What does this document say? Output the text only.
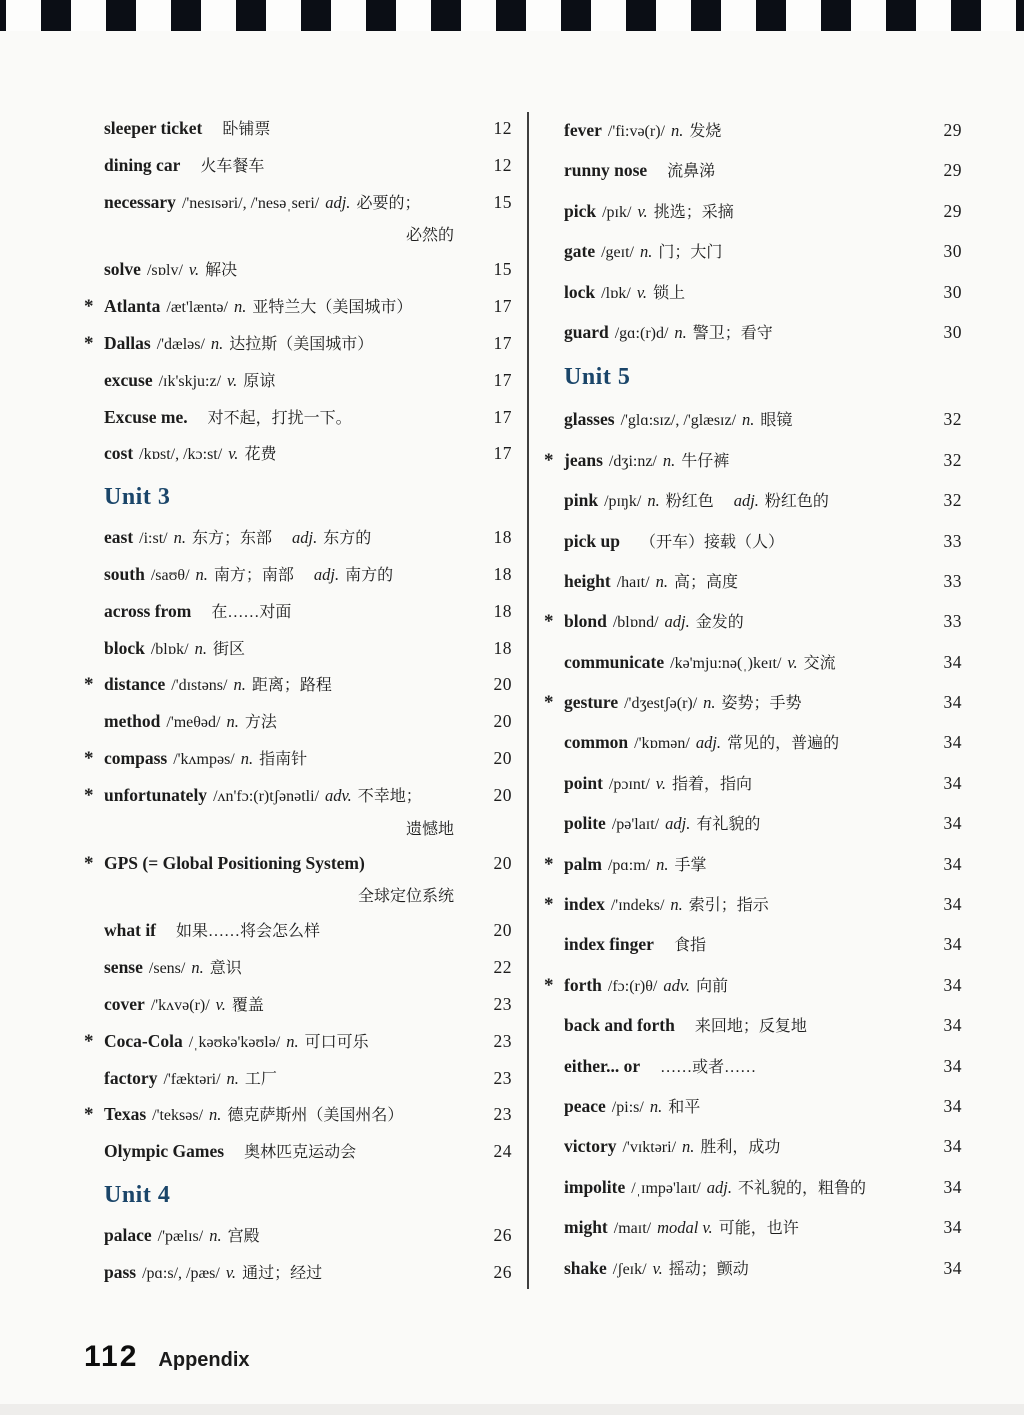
sleeper ticket 卧铺票	12
dining car 火车餐车	12
necessary /'nesɪsəri/, /'nesəˌseri/ adj. 必要的；	15
必然的
solve /sɒlv/ v. 解决	15
* Atlanta /æt'læntə/ n. 亚特兰大（美国城市）	17
* Dallas /'dæləs/ n. 达拉斯（美国城市）	17
excuse /ɪk'skju:z/ v. 原谅	17
Excuse me. 对不起，打扰一下。	17
cost /kɒst/, /kɔ:st/ v. 花费	17
Unit 3
east /i:st/ n. 东方；东部 adj. 东方的	18
south /saʊθ/ n. 南方；南部 adj. 南方的	18
across from 在……对面	18
block /blɒk/ n. 街区	18
* distance /'dɪstəns/ n. 距离；路程	20
method /'meθəd/ n. 方法	20
* compass /'kʌmpəs/ n. 指南针	20
* unfortunately /ʌn'fɔ:(r)tʃənətli/ adv. 不幸地；	20
遗憾地
* GPS (= Global Positioning System)	20
全球定位系统
what if 如果……将会怎么样	20
sense /sens/ n. 意识	22
cover /'kʌvə(r)/ v. 覆盖	23
* Coca-Cola /ˌkəʊkə'kəʊlə/ n. 可口可乐	23
factory /'fæktəri/ n. 工厂	23
* Texas /'teksəs/ n. 德克萨斯州（美国州名）	23
Olympic Games 奥林匹克运动会	24
Unit 4
palace /'pælɪs/ n. 宫殿	26
pass /pɑ:s/, /pæs/ v. 通过；经过	26
fever /'fi:və(r)/ n. 发烧	29
runny nose 流鼻涕	29
pick /pɪk/ v. 挑选；采摘	29
gate /geɪt/ n. 门；大门	30
lock /lɒk/ v. 锁上	30
guard /gɑ:(r)d/ n. 警卫；看守	30
Unit 5
glasses /'glɑ:sɪz/, /'glæsɪz/ n. 眼镜	32
* jeans /dʒi:nz/ n. 牛仔裤	32
pink /pɪŋk/ n. 粉红色 adj. 粉红色的	32
pick up （开车）接载（人）	33
height /haɪt/ n. 高；高度	33
* blond /blɒnd/ adj. 金发的	33
communicate /kə'mju:nə(ˌ)keɪt/ v. 交流	34
* gesture /'dʒestʃə(r)/ n. 姿势；手势	34
common /'kɒmən/ adj. 常见的，普遍的	34
point /pɔɪnt/ v. 指着，指向	34
polite /pə'laɪt/ adj. 有礼貌的	34
* palm /pɑ:m/ n. 手掌	34
* index /'ɪndeks/ n. 索引；指示	34
index finger 食指	34
* forth /fɔ:(r)θ/ adv. 向前	34
back and forth 来回地；反复地	34
either... or ……或者……	34
peace /pi:s/ n. 和平	34
victory /'vɪktəri/ n. 胜利，成功	34
impolite /ˌɪmpə'laɪt/ adj. 不礼貌的，粗鲁的	34
might /maɪt/ modal v. 可能，也许	34
shake /ʃeɪk/ v. 摇动；颤动	34
112 Appendix
